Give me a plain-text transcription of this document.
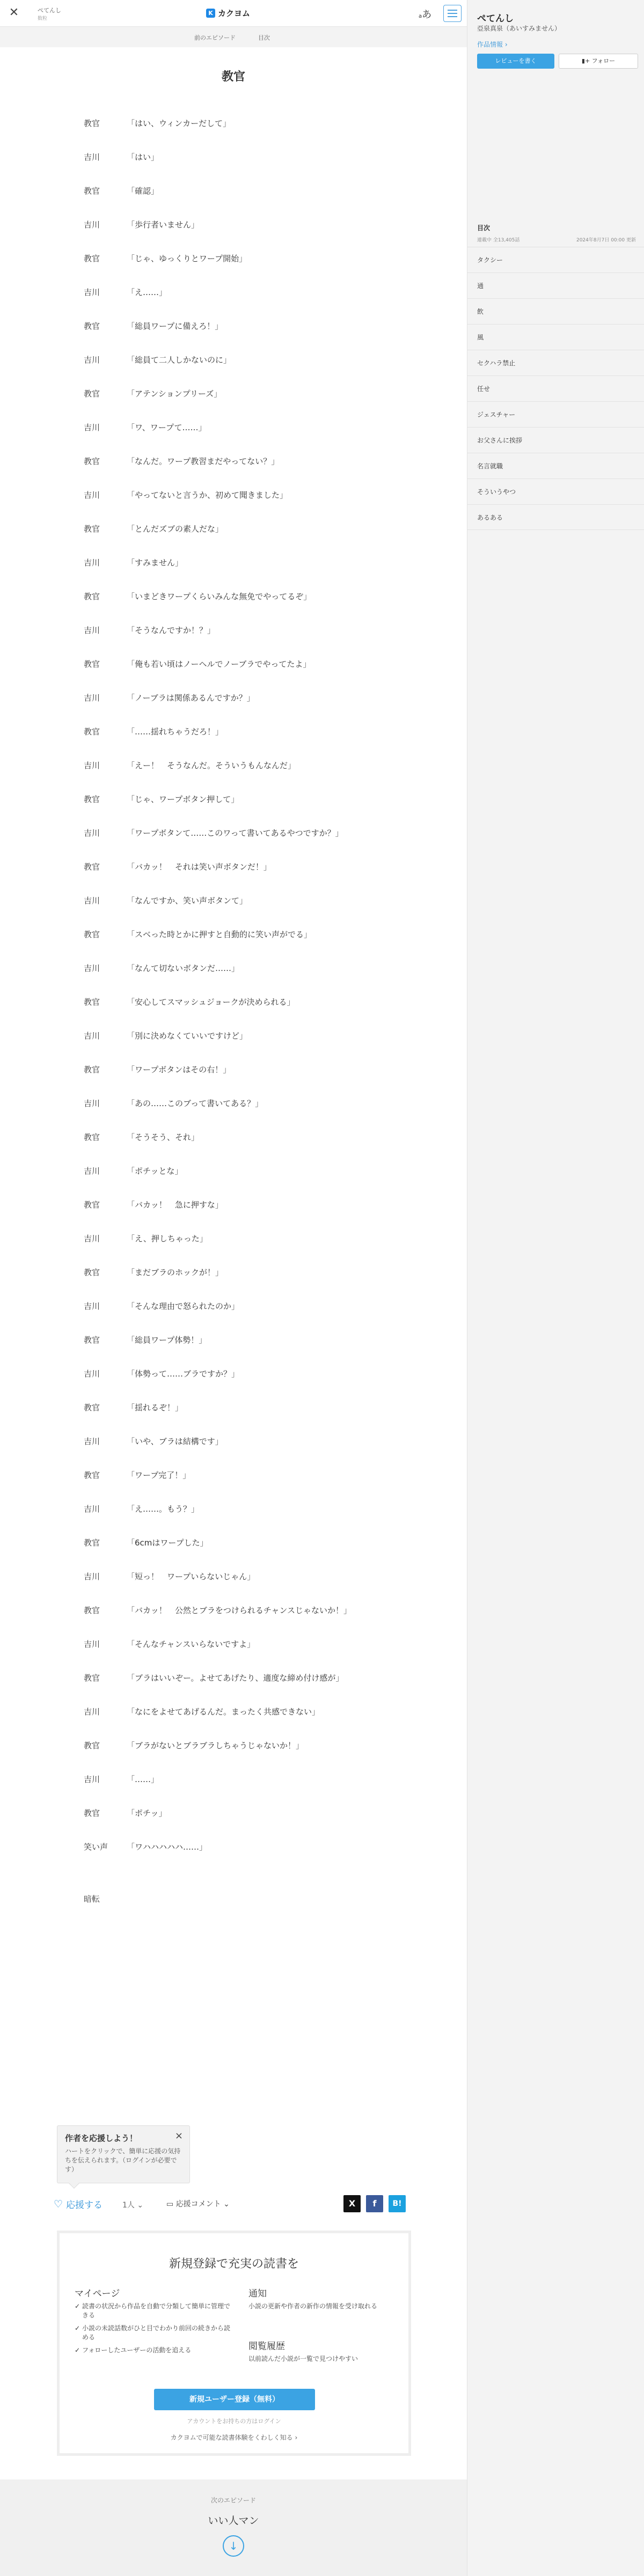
✕	ぺてんし
数粒
K カクヨム	aあ
前のエピソード	目次
教官
教官	「はい、ウィンカーだして」
吉川	「はい」
教官	「確認」
吉川	「歩行者いません」
教官	「じゃ、ゆっくりとワープ開始」
吉川	「え……」
教官	「総員ワープに備えろ！」
吉川	「総員て二人しかないのに」
教官	「アテンションプリーズ」
吉川	「ワ、ワープて……」
教官	「なんだ。ワープ教習まだやってない？」
吉川	「やってないと言うか、初めて聞きました」
教官	「とんだズブの素人だな」
吉川	「すみません」
教官	「いまどきワープくらいみんな無免でやってるぞ」
吉川	「そうなんですか！？」
教官	「俺も若い頃はノーヘルでノーブラでやってたよ」
吉川	「ノーブラは関係あるんですか？」
教官	「……揺れちゃうだろ！」
吉川	「えー！　そうなんだ。そういうもんなんだ」
教官	「じゃ、ワープボタン押して」
吉川	「ワープボタンて……このワって書いてあるやつですか？」
教官	「バカッ！　それは笑い声ボタンだ！」
吉川	「なんですか、笑い声ボタンて」
教官	「スベった時とかに押すと自動的に笑い声がでる」
吉川	「なんて切ないボタンだ……」
教官	「安心してスマッシュジョークが決められる」
吉川	「別に決めなくていいですけど」
教官	「ワープボタンはその右！」
吉川	「あの……このブって書いてある？」
教官	「そうそう、それ」
吉川	「ポチッとな」
教官	「バカッ！　急に押すな」
吉川	「え、押しちゃった」
教官	「まだブラのホックが！」
吉川	「そんな理由で怒られたのか」
教官	「総員ワープ体勢！」
吉川	「体勢って……ブラですか？」
教官	「揺れるぞ！」
吉川	「いや、ブラは結構です」
教官	「ワープ完了！」
吉川	「え……。もう？」
教官	「6cmはワープした」
吉川	「短っ！　ワープいらないじゃん」
教官	「バカッ！　公然とブラをつけられるチャンスじゃないか！」
吉川	「そんなチャンスいらないですよ」
教官	「ブラはいいぞー。よせてあげたり、適度な締め付け感が」
吉川	「なにをよせてあげるんだ。まったく共感できない」
教官	「ブラがないとブラブラしちゃうじゃないか！」
吉川	「……」
教官	「ポチッ」
笑い声	「ワハハハハハ……」
暗転
作者を応援しよう！
ハートをクリックで、簡単に応援の気持ちを伝えられます。（ログインが必要です）
×
♡ 応援する	1人 ⌄	▭ 応援コメント ⌄	X	f	B!
新規登録で充実の読書を
マイページ
✓ 読書の状況から作品を自動で分類して簡単に管理できる
✓ 小説の未読話数がひと目でわかり前回の続きから読める
✓ フォローしたユーザーの活動を追える
通知
小説の更新や作者の新作の情報を受け取れる
閲覧履歴
以前読んだ小説が一覧で見つけやすい
新規ユーザー登録（無料）
アカウントをお持ちの方はログイン
カクヨムで可能な読書体験をくわしく知る ›
次のエピソード
いい人マン
↓
ぺてんし
亞泉真泉（あいすみません）
作品情報 ›
レビューを書く	▮+ フォロー
目次
連載中 全13,405話	2024年8月7日 00:00 更新
タクシー
通
飲
風
セクハラ禁止
任せ
ジェスチャー
お父さんに挨拶
名言就職
そういうやつ
あるある
